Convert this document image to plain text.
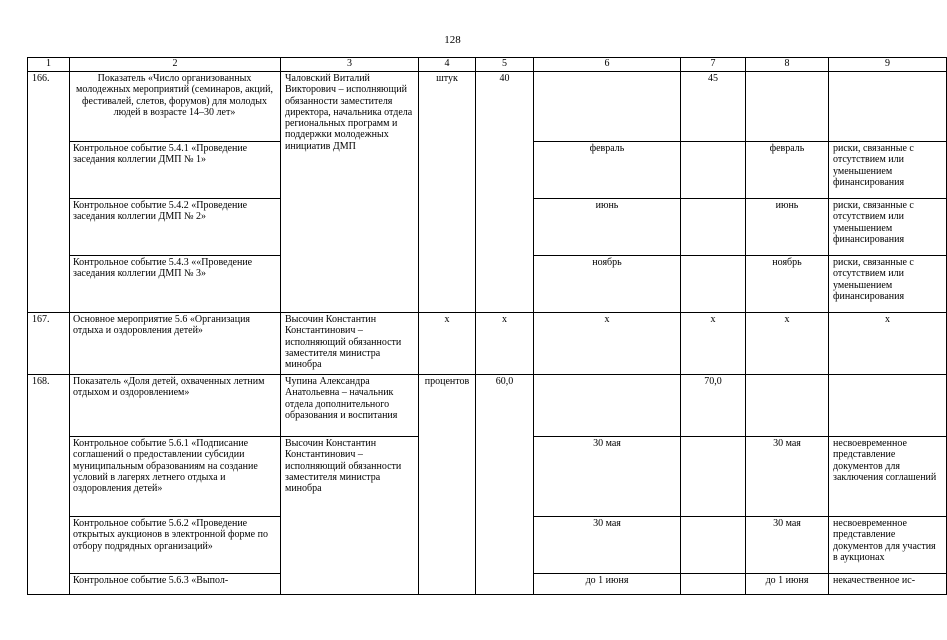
128
1	2	3	4	5	6	7	8	9
166.	Показатель «Число организованных молодежных мероприятий (семинаров, акций, фестивалей, слетов, форумов) для молодых людей в возрасте 14–30 лет»	Чаловский Виталий Викторович – исполняющий обязанности заместителя директора, начальника отдела региональных программ и поддержки молодежных инициатив ДМП	штук	40		45		
	Контрольное событие 5.4.1 «Проведение заседания коллегии ДМП № 1»				февраль		февраль	риски, связанные с отсутствием или уменьшением финансирования
	Контрольное событие 5.4.2 «Проведение заседания коллегии ДМП № 2»				июнь		июнь	риски, связанные с отсутствием или уменьшением финансирования
	Контрольное событие 5.4.3 ««Проведение заседания коллегии ДМП № 3»				ноябрь		ноябрь	риски, связанные с отсутствием или уменьшением финансирования
167.	Основное мероприятие 5.6 «Организация отдыха и оздоровления детей»	Высочин Константин Константинович – исполняющий обязанности заместителя министра минобра	x	x	x	x	x	x
168.	Показатель «Доля детей, охваченных летним отдыхом и оздоровлением»	Чупина Александра Анатольевна – начальник отдела дополнительного образования и воспитания	процентов	60,0		70,0		
	Контрольное событие 5.6.1 «Подписание соглашений о предоставлении субсидии муниципальным образованиям на создание условий в лагерях летнего отдыха и оздоровления детей»	Высочин Константин Константинович – исполняющий обязанности заместителя министра минобра			30 мая		30 мая	несвоевременное представление документов для заключения соглашений
	Контрольное событие 5.6.2 «Проведение открытых аукционов в электронной форме по отбору подрядных организаций»				30 мая		30 мая	несвоевременное представление документов для участия в аукционах
	Контрольное событие 5.6.3 «Выпол-				до 1 июня		до 1 июня	некачественное ис-
